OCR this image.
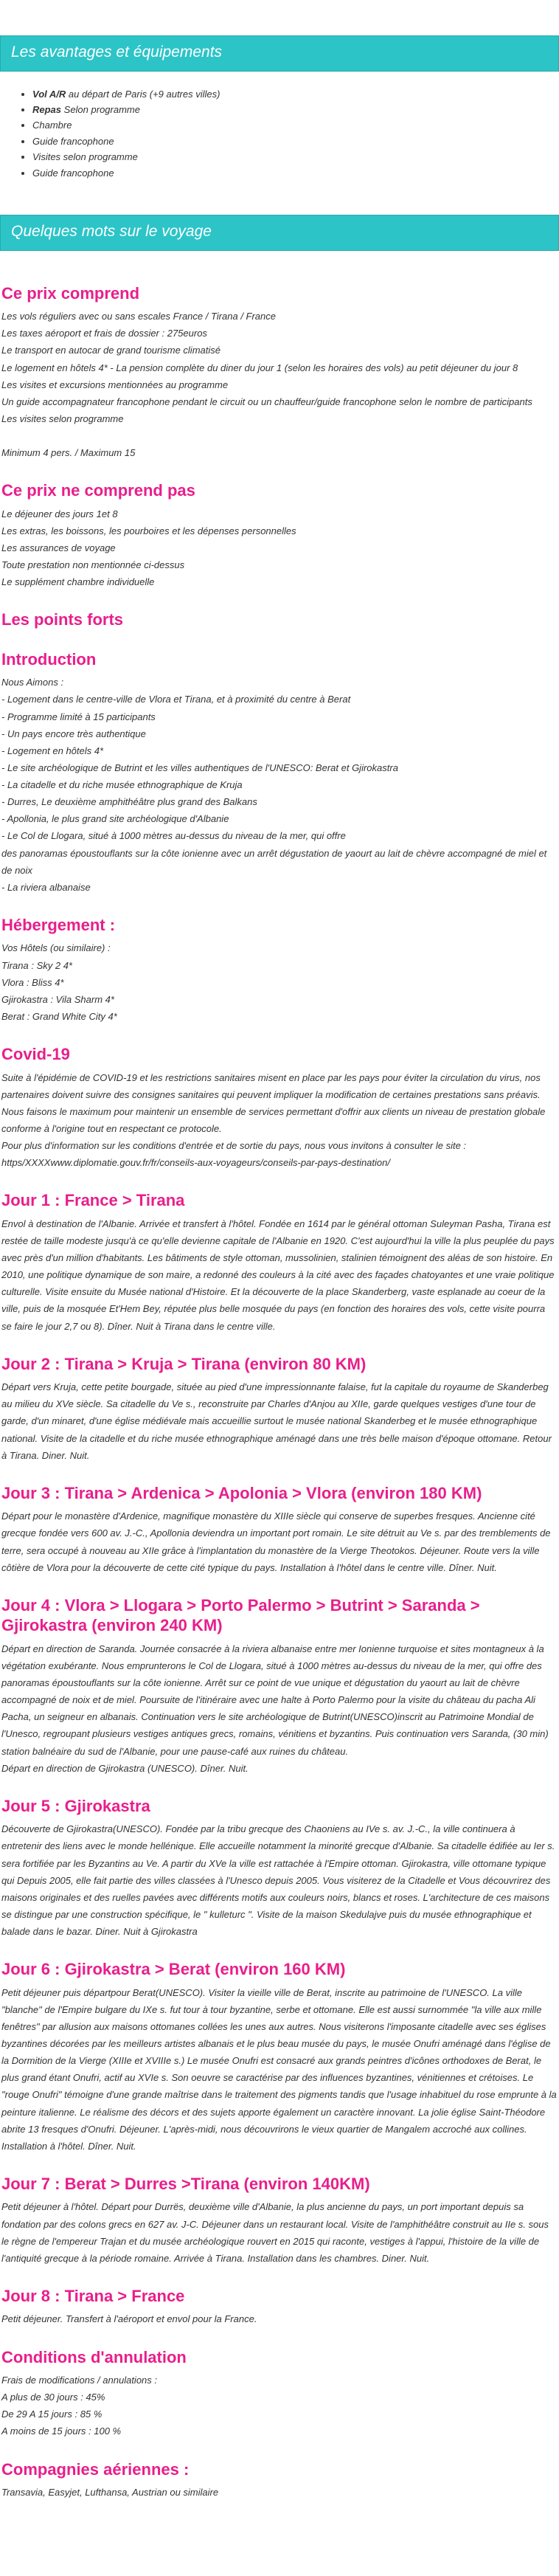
Les avantages et équipements
• Vol A/R au départ de Paris (+9 autres villes)
• Repas Selon programme
• Chambre
• Guide francophone
• Visites selon programme
• Guide francophone
Quelques mots sur le voyage
Ce prix comprend
Les vols réguliers avec ou sans escales France / Tirana / France
Les taxes aéroport et frais de dossier : 275euros
Le transport en autocar de grand tourisme climatisé
Le logement en hôtels 4* - La pension complète du diner du jour 1 (selon les horaires des vols) au petit déjeuner du jour 8
Les visites et excursions mentionnées au programme
Un guide accompagnateur francophone pendant le circuit ou un chauffeur/guide francophone selon le nombre de participants
Les visites selon programme
Minimum 4 pers. / Maximum 15
Ce prix ne comprend pas
Le déjeuner des jours 1et 8
Les extras, les boissons, les pourboires et les dépenses personnelles
Les assurances de voyage
Toute prestation non mentionnée ci-dessus
Le supplément chambre individuelle
Les points forts
Introduction
Nous Aimons :
- Logement dans le centre-ville de Vlora et Tirana, et à proximité du centre à Berat
- Programme limité à 15 participants
- Un pays encore très authentique
- Logement en hôtels 4*
- Le site archéologique de Butrint et les villes authentiques de l'UNESCO: Berat et Gjirokastra
- La citadelle et du riche musée ethnographique de Kruja
- Durres, Le deuxième amphithéâtre plus grand des Balkans
- Apollonia, le plus grand site archéologique d'Albanie
- Le Col de Llogara, situé à 1000 mètres au-dessus du niveau de la mer, qui offre
des panoramas époustouflants sur la côte ionienne avec un arrêt dégustation de yaourt au lait de chèvre accompagné de miel et de noix
- La riviera albanaise
Hébergement :
Vos Hôtels (ou similaire) :
Tirana : Sky 2 4*
Vlora : Bliss 4*
Gjirokastra : Vila Sharm 4*
Berat : Grand White City 4*
Covid-19
Suite à l'épidémie de COVID-19 et les restrictions sanitaires misent en place par les pays pour éviter la circulation du virus, nos partenaires doivent suivre des consignes sanitaires qui peuvent impliquer la modification de certaines prestations sans préavis.
Nous faisons le maximum pour maintenir un ensemble de services permettant d'offrir aux clients un niveau de prestation globale conforme à l'origine tout en respectant ce protocole.
Pour plus d'information sur les conditions d'entrée et de sortie du pays, nous vous invitons à consulter le site : https/XXXXwww.diplomatie.gouv.fr/fr/conseils-aux-voyageurs/conseils-par-pays-destination/
Jour 1 : France > Tirana
Envol à destination de l'Albanie. Arrivée et transfert à l'hôtel. Fondée en 1614 par le général ottoman Suleyman Pasha, Tirana est restée de taille modeste jusqu'à ce qu'elle devienne capitale de l'Albanie en 1920. C'est aujourd'hui la ville la plus peuplée du pays avec près d'un million d'habitants. Les bâtiments de style ottoman, mussolinien, stalinien témoignent des aléas de son histoire. En 2010, une politique dynamique de son maire, a redonné des couleurs à la cité avec des façades chatoyantes et une vraie politique culturelle. Visite ensuite du Musée national d'Histoire. Et la découverte de la place Skanderberg, vaste esplanade au coeur de la ville, puis de la mosquée Et'Hem Bey, réputée plus belle mosquée du pays (en fonction des horaires des vols, cette visite pourra se faire le jour 2,7 ou 8). Dîner. Nuit à Tirana dans le centre ville.
Jour 2 : Tirana > Kruja > Tirana (environ 80 KM)
Départ vers Kruja, cette petite bourgade, située au pied d'une impressionnante falaise, fut la capitale du royaume de Skanderbeg au milieu du XVe siècle. Sa citadelle du Ve s., reconstruite par Charles d'Anjou au XIIe, garde quelques vestiges d'une tour de garde, d'un minaret, d'une église médiévale mais accueillie surtout le musée national Skanderbeg et le musée ethnographique national. Visite de la citadelle et du riche musée ethnographique aménagé dans une très belle maison d'époque ottomane. Retour à Tirana. Diner. Nuit.
Jour 3 : Tirana > Ardenica > Apolonia > Vlora (environ 180 KM)
Départ pour le monastère d'Ardenice, magnifique monastère du XIIIe siècle qui conserve de superbes fresques. Ancienne cité grecque fondée vers 600 av. J.-C., Apollonia deviendra un important port romain. Le site détruit au Ve s. par des tremblements de terre, sera occupé à nouveau au XIIe grâce à l'implantation du monastère de la Vierge Theotokos. Déjeuner. Route vers la ville côtière de Vlora pour la découverte de cette cité typique du pays. Installation à l'hôtel dans le centre ville. Dîner. Nuit.
Jour 4 : Vlora > Llogara > Porto Palermo > Butrint > Saranda > Gjirokastra (environ 240 KM)
Départ en direction de Saranda. Journée consacrée à la riviera albanaise entre mer Ionienne turquoise et sites montagneux à la végétation exubérante. Nous emprunterons le Col de Llogara, situé à 1000 mètres au-dessus du niveau de la mer, qui offre des panoramas époustouflants sur la côte ionienne. Arrêt sur ce point de vue unique et dégustation du yaourt au lait de chèvre accompagné de noix et de miel. Poursuite de l'itinéraire avec une halte à Porto Palermo pour la visite du château du pacha Ali Pacha, un seigneur en albanais. Continuation vers le site archéologique de Butrint(UNESCO)inscrit au Patrimoine Mondial de l'Unesco, regroupant plusieurs vestiges antiques grecs, romains, vénitiens et byzantins. Puis continuation vers Saranda, (30 min) station balnéaire du sud de l'Albanie, pour une pause-café aux ruines du château.
Départ en direction de Gjirokastra (UNESCO). Dîner. Nuit.
Jour 5 : Gjirokastra
Découverte de Gjirokastra(UNESCO). Fondée par la tribu grecque des Chaoniens au IVe s. av. J.-C., la ville continuera à entretenir des liens avec le monde hellénique. Elle accueille notamment la minorité grecque d'Albanie. Sa citadelle édifiée au Ier s. sera fortifiée par les Byzantins au Ve. A partir du XVe la ville est rattachée à l'Empire ottoman. Gjirokastra, ville ottomane typique qui Depuis 2005, elle fait partie des villes classées à l'Unesco depuis 2005. Vous visiterez de la Citadelle et Vous découvrirez des maisons originales et des ruelles pavées avec différents motifs aux couleurs noirs, blancs et roses. L'architecture de ces maisons se distingue par une construction spécifique, le " kulleturc ". Visite de la maison Skedulajve puis du musée ethnographique et balade dans le bazar. Diner. Nuit à Gjirokastra
Jour 6 : Gjirokastra > Berat (environ 160 KM)
Petit déjeuner puis départpour Berat(UNESCO). Visiter la vieille ville de Berat, inscrite au patrimoine de l'UNESCO. La ville "blanche" de l'Empire bulgare du IXe s. fut tour à tour byzantine, serbe et ottomane. Elle est aussi surnommée "la ville aux mille fenêtres" par allusion aux maisons ottomanes collées les unes aux autres. Nous visiterons l'imposante citadelle avec ses églises byzantines décorées par les meilleurs artistes albanais et le plus beau musée du pays, le musée Onufri aménagé dans l'église de la Dormition de la Vierge (XIIIe et XVIIIe s.) Le musée Onufri est consacré aux grands peintres d'icônes orthodoxes de Berat, le plus grand étant Onufri, actif au XVIe s. Son oeuvre se caractérise par des influences byzantines, vénitiennes et crétoises. Le "rouge Onufri" témoigne d'une grande maîtrise dans le traitement des pigments tandis que l'usage inhabituel du rose emprunte à la peinture italienne. Le réalisme des décors et des sujets apporte également un caractère innovant. La jolie église Saint-Théodore abrite 13 fresques d'Onufri. Déjeuner. L'après-midi, nous découvrirons le vieux quartier de Mangalem accroché aux collines. Installation à l'hôtel. Dîner. Nuit.
Jour 7 : Berat > Durres >Tirana (environ 140KM)
Petit déjeuner à l'hôtel. Départ pour Durrës, deuxième ville d'Albanie, la plus ancienne du pays, un port important depuis sa fondation par des colons grecs en 627 av. J-C. Déjeuner dans un restaurant local. Visite de l'amphithéâtre construit au IIe s. sous le règne de l'empereur Trajan et du musée archéologique rouvert en 2015 qui raconte, vestiges à l'appui, l'histoire de la ville de l'antiquité grecque à la période romaine. Arrivée à Tirana. Installation dans les chambres. Diner. Nuit.
Jour 8 : Tirana > France
Petit déjeuner. Transfert à l'aéroport et envol pour la France.
Conditions d'annulation
Frais de modifications / annulations :
A plus de 30 jours : 45%
De 29 A 15 jours : 85 %
A moins de 15 jours : 100 %
Compagnies aériennes :
Transavia, Easyjet, Lufthansa, Austrian ou similaire
